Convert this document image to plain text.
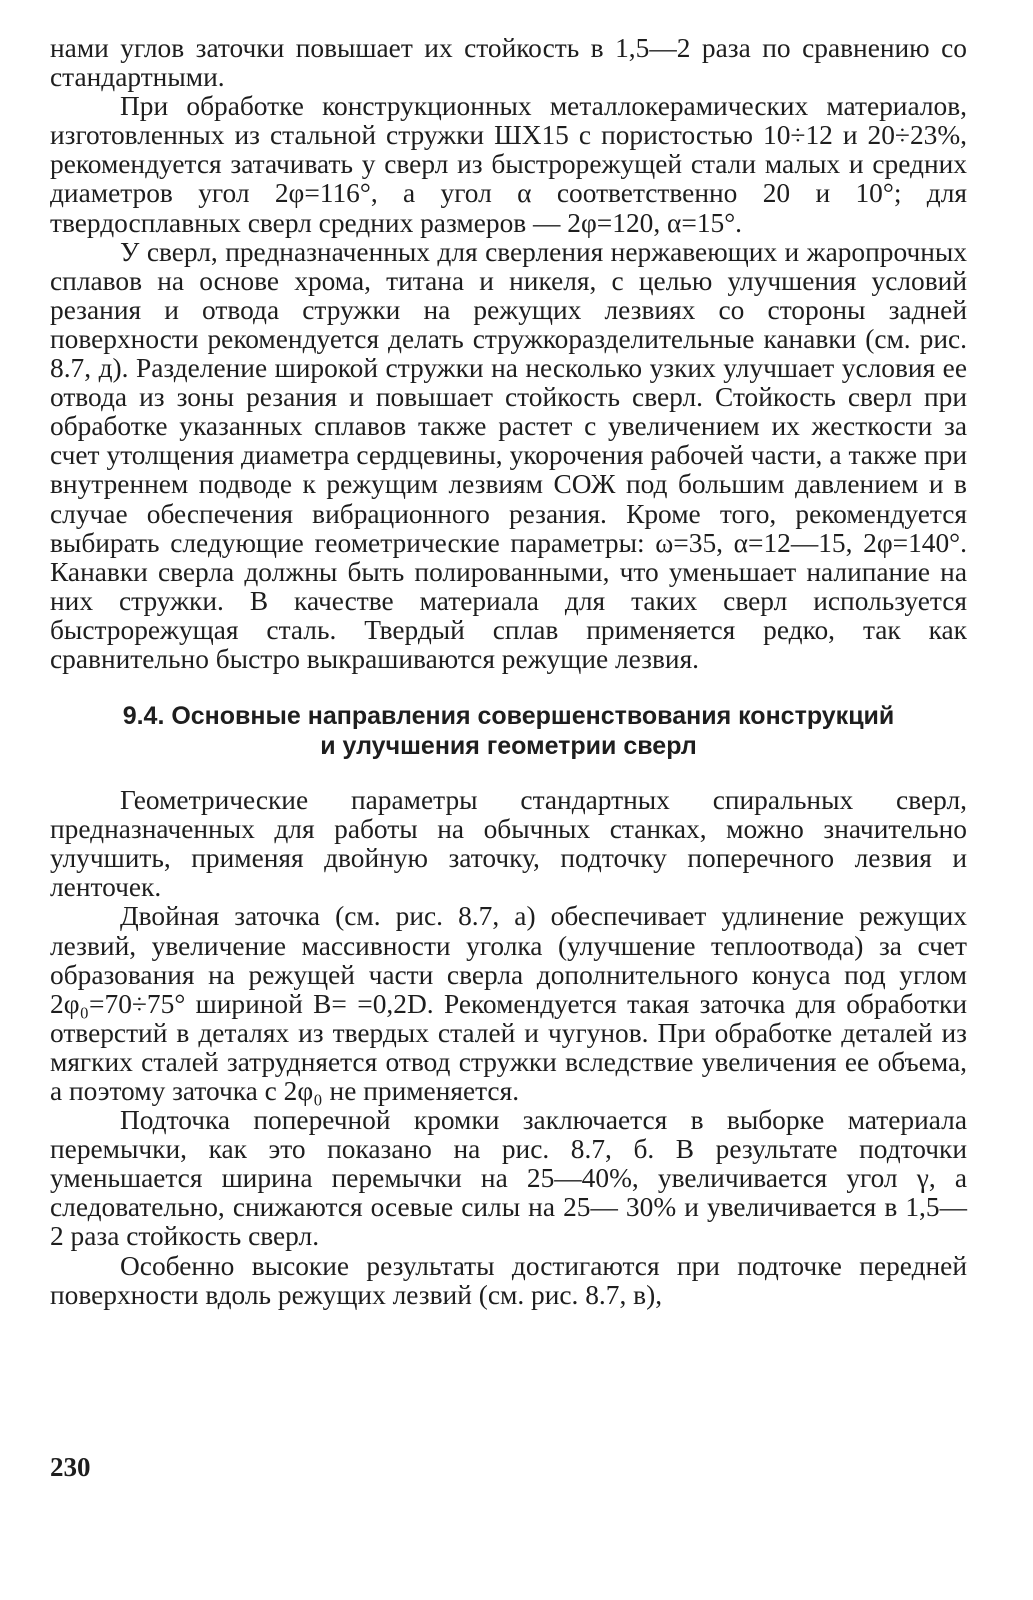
нами углов заточки повышает их стойкость в 1,5—2 раза по сравнению со стандартными.

При обработке конструкционных металлокерамических материалов, изготовленных из стальной стружки ШХ15 с пористостью 10÷12 и 20÷23%, рекомендуется затачивать у сверл из быстрорежущей стали малых и средних диаметров угол 2φ=116°, а угол α соответственно 20 и 10°; для твердосплавных сверл средних размеров — 2φ=120, α=15°.

У сверл, предназначенных для сверления нержавеющих и жаропрочных сплавов на основе хрома, титана и никеля, с целью улучшения условий резания и отвода стружки на режущих лезвиях со стороны задней поверхности рекомендуется делать стружкоразделительные канавки (см. рис. 8.7, д). Разделение широкой стружки на несколько узких улучшает условия ее отвода из зоны резания и повышает стойкость сверл. Стойкость сверл при обработке указанных сплавов также растет с увеличением их жесткости за счет утолщения диаметра сердцевины, укорочения рабочей части, а также при внутреннем подводе к режущим лезвиям СОЖ под большим давлением и в случае обеспечения вибрационного резания. Кроме того, рекомендуется выбирать следующие геометрические параметры: ω=35, α=12—15, 2φ=140°. Канавки сверла должны быть полированными, что уменьшает налипание на них стружки. В качестве материала для таких сверл используется быстрорежущая сталь. Твердый сплав применяется редко, так как сравнительно быстро выкрашиваются режущие лезвия.

9.4. Основные направления совершенствования конструкций
и улучшения геометрии сверл

Геометрические параметры стандартных спиральных сверл, предназначенных для работы на обычных станках, можно значительно улучшить, применяя двойную заточку, подточку поперечного лезвия и ленточек.

Двойная заточка (см. рис. 8.7, а) обеспечивает удлинение режущих лезвий, увеличение массивности уголка (улучшение теплоотвода) за счет образования на режущей части сверла дополнительного конуса под углом 2φ₀=70÷75° шириной B= =0,2D. Рекомендуется такая заточка для обработки отверстий в деталях из твердых сталей и чугунов. При обработке деталей из мягких сталей затрудняется отвод стружки вследствие увеличения ее объема, а поэтому заточка с 2φ₀ не применяется.

Подточка поперечной кромки заключается в выборке материала перемычки, как это показано на рис. 8.7, б. В результате подточки уменьшается ширина перемычки на 25—40%, увеличивается угол γ, а следовательно, снижаются осевые силы на 25— 30% и увеличивается в 1,5—2 раза стойкость сверл.

Особенно высокие результаты достигаются при подточке передней поверхности вдоль режущих лезвий (см. рис. 8.7, в),

230
